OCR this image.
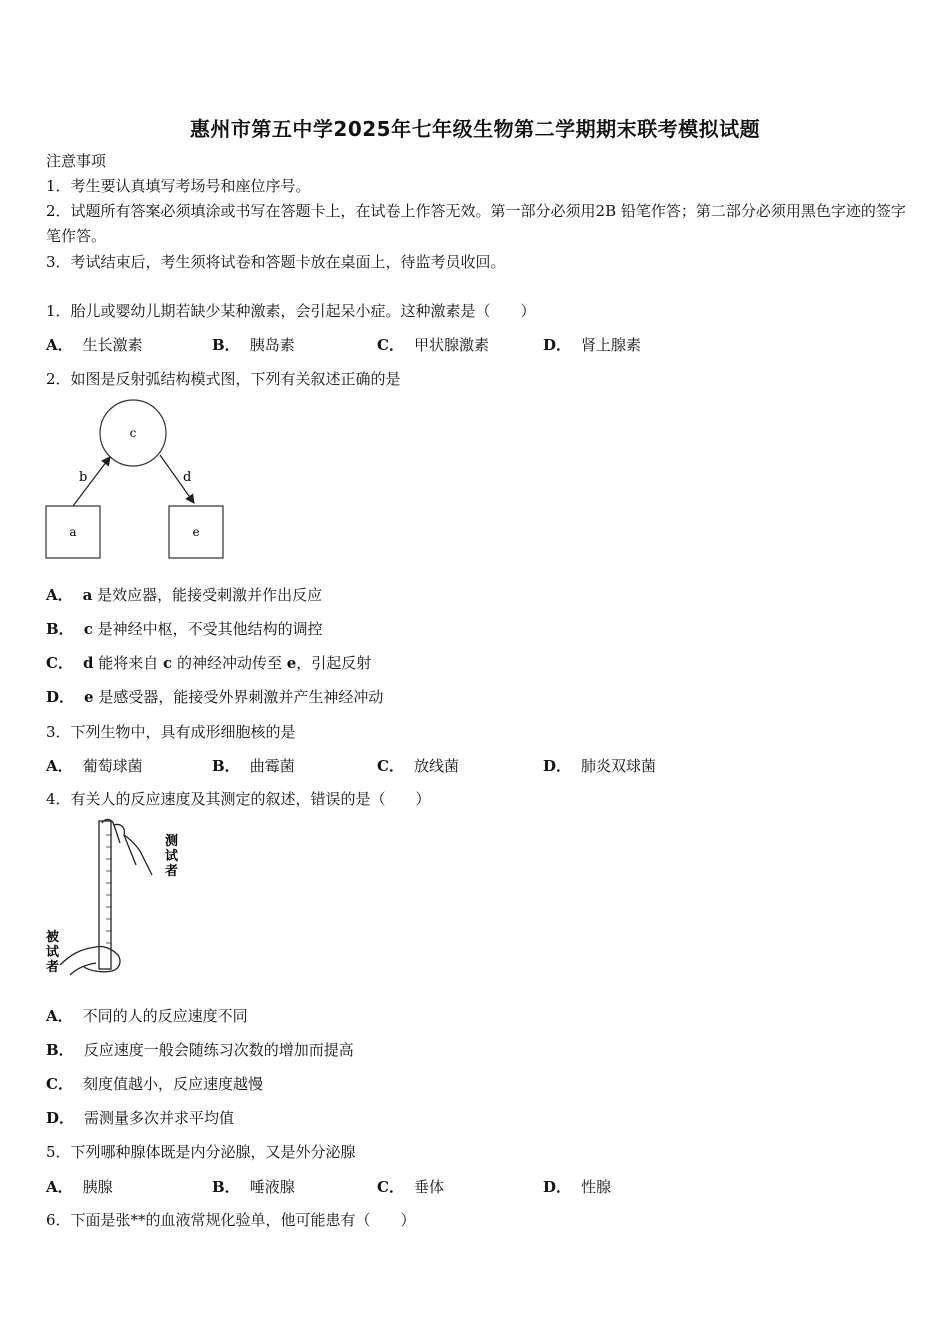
惠州市第五中学2025年七年级生物第二学期期末联考模拟试题
注意事项
1．考生要认真填写考场号和座位序号。
2．试题所有答案必须填涂或书写在答题卡上，在试卷上作答无效。第一部分必须用2B 铅笔作答；第二部分必须用黑色字迹的签字笔作答。
3．考试结束后，考生须将试卷和答题卡放在桌面上，待监考员收回。
1．胎儿或婴幼儿期若缺少某种激素，会引起呆小症。这种激素是（　　）
A． 生长激素	B． 胰岛素	C． 甲状腺激素	D． 肾上腺素
2．如图是反射弧结构模式图，下列有关叙述正确的是
c
a	e
b	d
A． a 是效应器，能接受刺激并作出反应
B． c 是神经中枢，不受其他结构的调控
C． d 能将来自 c 的神经冲动传至 e，引起反射
D． e 是感受器，能接受外界刺激并产生神经冲动
3．下列生物中，具有成形细胞核的是
A． 葡萄球菌	B． 曲霉菌	C． 放线菌	D． 肺炎双球菌
4．有关人的反应速度及其测定的叙述，错误的是（　　）
测
试
者
被
试
者
A． 不同的人的反应速度不同
B． 反应速度一般会随练习次数的增加而提高
C． 刻度值越小，反应速度越慢
D． 需测量多次并求平均值
5．下列哪种腺体既是内分泌腺，又是外分泌腺
A． 胰腺	B． 唾液腺	C． 垂体	D． 性腺
6．下面是张**的血液常规化验单，他可能患有（　　）
